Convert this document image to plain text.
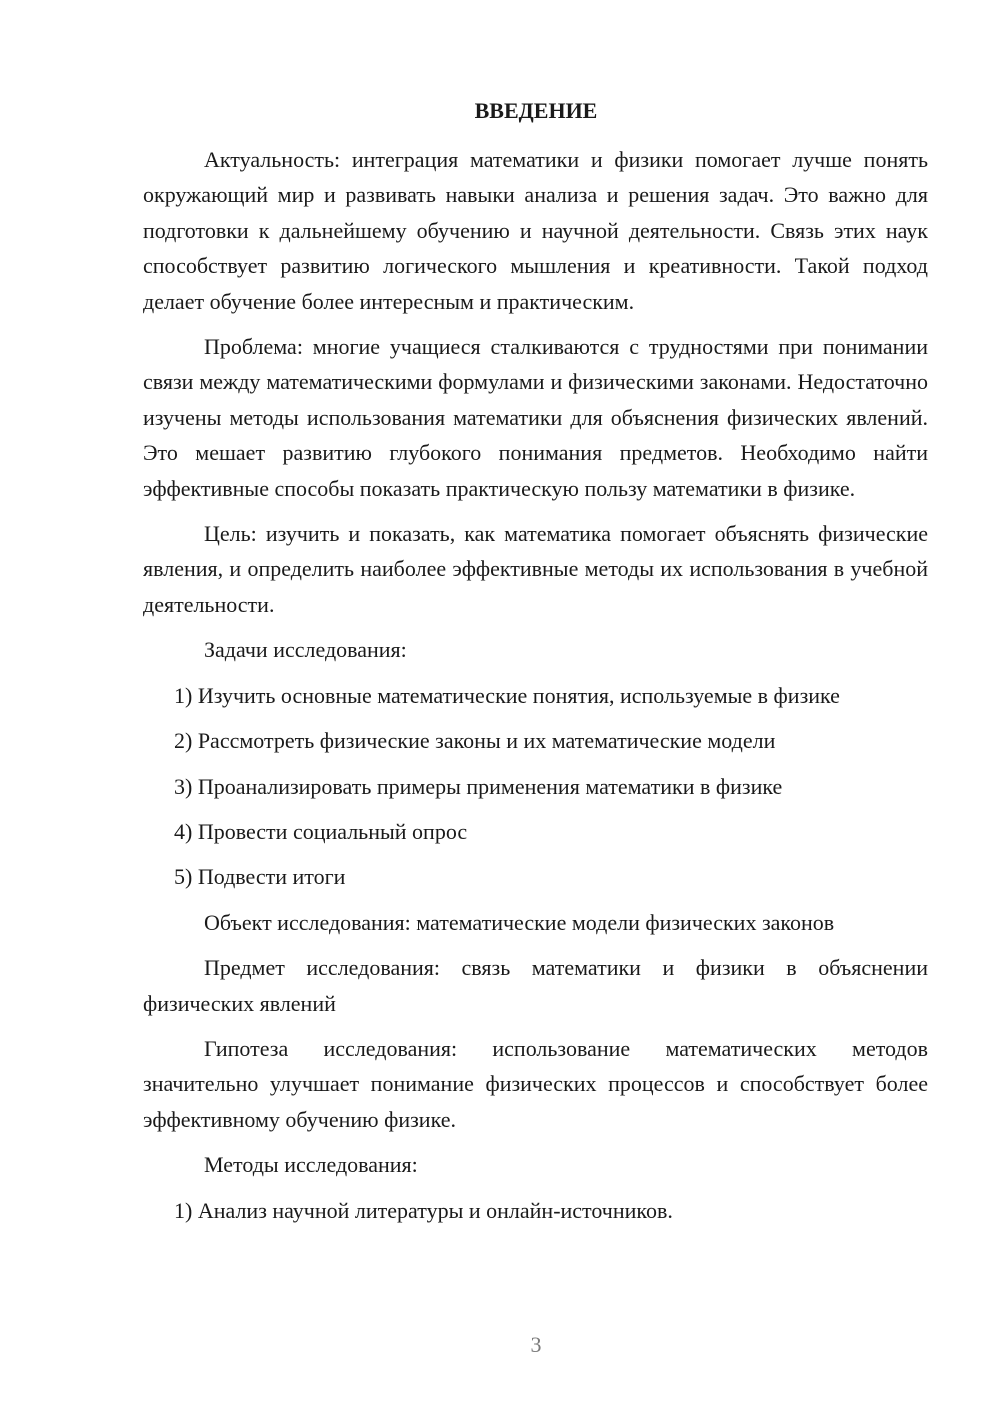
ВВЕДЕНИЕ

Актуальность: интеграция математики и физики помогает лучше понять окружающий мир и развивать навыки анализа и решения задач. Это важно для подготовки к дальнейшему обучению и научной деятельности. Связь этих наук способствует развитию логического мышления и креативности. Такой подход делает обучение более интересным и практическим.

Проблема: многие учащиеся сталкиваются с трудностями при понимании связи между математическими формулами и физическими законами. Недостаточно изучены методы использования математики для объяснения физических явлений. Это мешает развитию глубокого понимания предметов. Необходимо найти эффективные способы показать практическую пользу математики в физике.

Цель: изучить и показать, как математика помогает объяснять физические явления, и определить наиболее эффективные методы их использования в учебной деятельности.

Задачи исследования:

1) Изучить основные математические понятия, используемые в физике

2) Рассмотреть физические законы и их математические модели

3) Проанализировать примеры применения математики в физике

4) Провести социальный опрос

5) Подвести итоги

Объект исследования: математические модели физических законов

Предмет исследования: связь математики и физики в объяснении физических явлений

Гипотеза исследования: использование математических методов значительно улучшает понимание физических процессов и способствует более эффективному обучению физике.

Методы исследования:

1) Анализ научной литературы и онлайн-источников.

3
